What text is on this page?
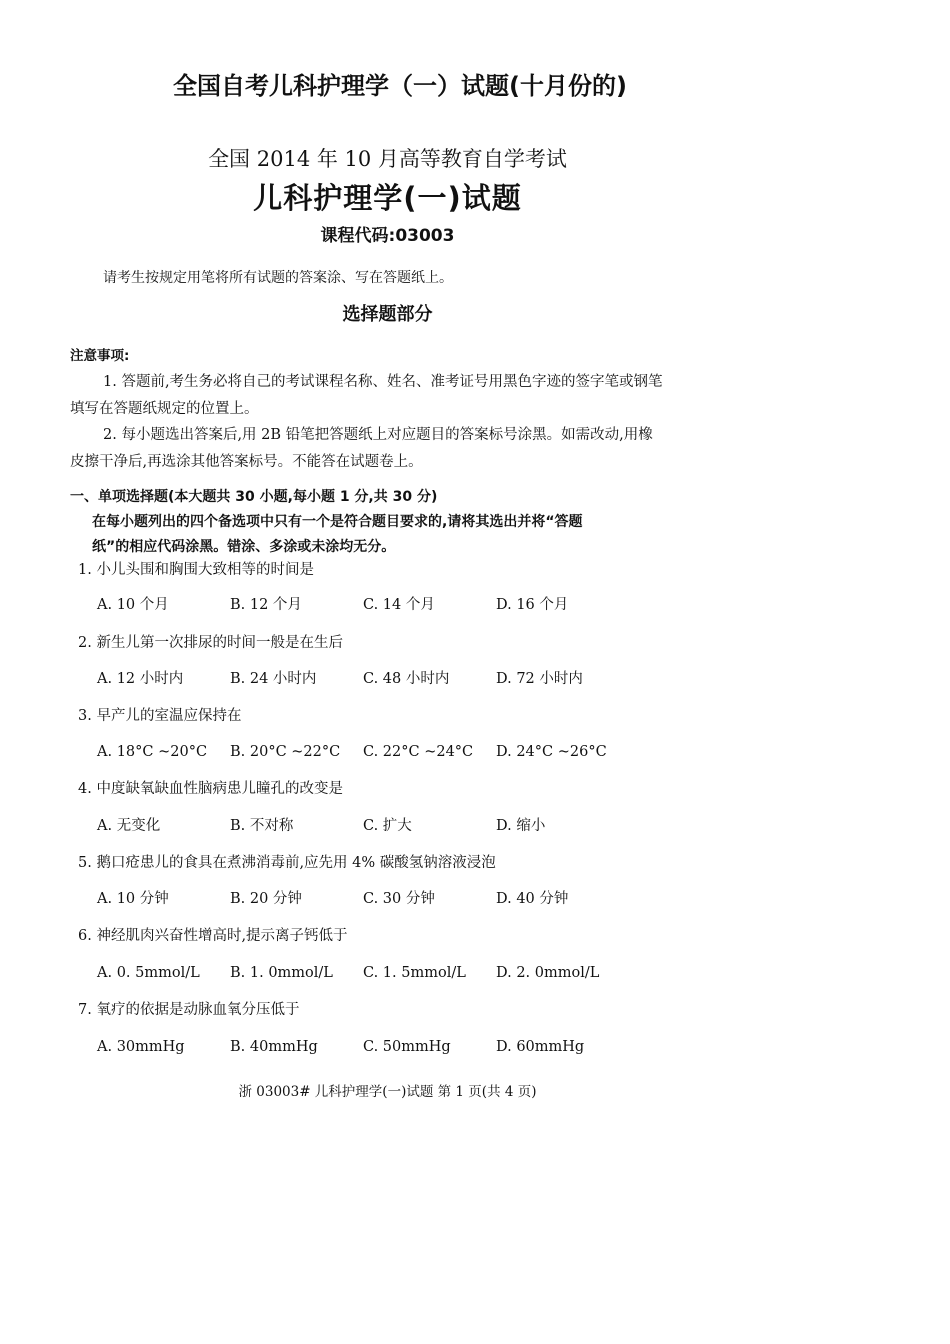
全国自考儿科护理学（一）试题(十月份的)
全国 2014 年 10 月高等教育自学考试
儿科护理学(一)试题
课程代码:03003
请考生按规定用笔将所有试题的答案涂、写在答题纸上。
选择题部分
注意事项:
1. 答题前,考生务必将自己的考试课程名称、姓名、准考证号用黑色字迹的签字笔或钢笔
填写在答题纸规定的位置上。
2. 每小题选出答案后,用 2B 铅笔把答题纸上对应题目的答案标号涂黑。如需改动,用橡
皮擦干净后,再选涂其他答案标号。不能答在试题卷上。
一、单项选择题(本大题共 30 小题,每小题 1 分,共 30 分)
在每小题列出的四个备选项中只有一个是符合题目要求的,请将其选出并将“答题
纸”的相应代码涂黑。错涂、多涂或未涂均无分。
1. 小儿头围和胸围大致相等的时间是
A. 10 个月	B. 12 个月	C. 14 个月	D. 16 个月
2. 新生儿第一次排尿的时间一般是在生后
A. 12 小时内	B. 24 小时内	C. 48 小时内	D. 72 小时内
3. 早产儿的室温应保持在
A. 18°C ~20°C B. 20°C ~22°C C. 22°C ~24°C D. 24°C ~26°C
4. 中度缺氧缺血性脑病患儿瞳孔的改变是
A. 无变化	B. 不对称	C. 扩大	D. 缩小
5. 鹅口疮患儿的食具在煮沸消毒前,应先用 4% 碳酸氢钠溶液浸泡
A. 10 分钟	B. 20 分钟	C. 30 分钟	D. 40 分钟
6. 神经肌肉兴奋性增高时,提示离子钙低于
A. 0. 5mmol/L B. 1. 0mmol/L C. 1. 5mmol/L D. 2. 0mmol/L
7. 氧疗的依据是动脉血氧分压低于
A. 30mmHg	B. 40mmHg	C. 50mmHg	D. 60mmHg
浙 03003# 儿科护理学(一)试题 第 1 页(共 4 页)
